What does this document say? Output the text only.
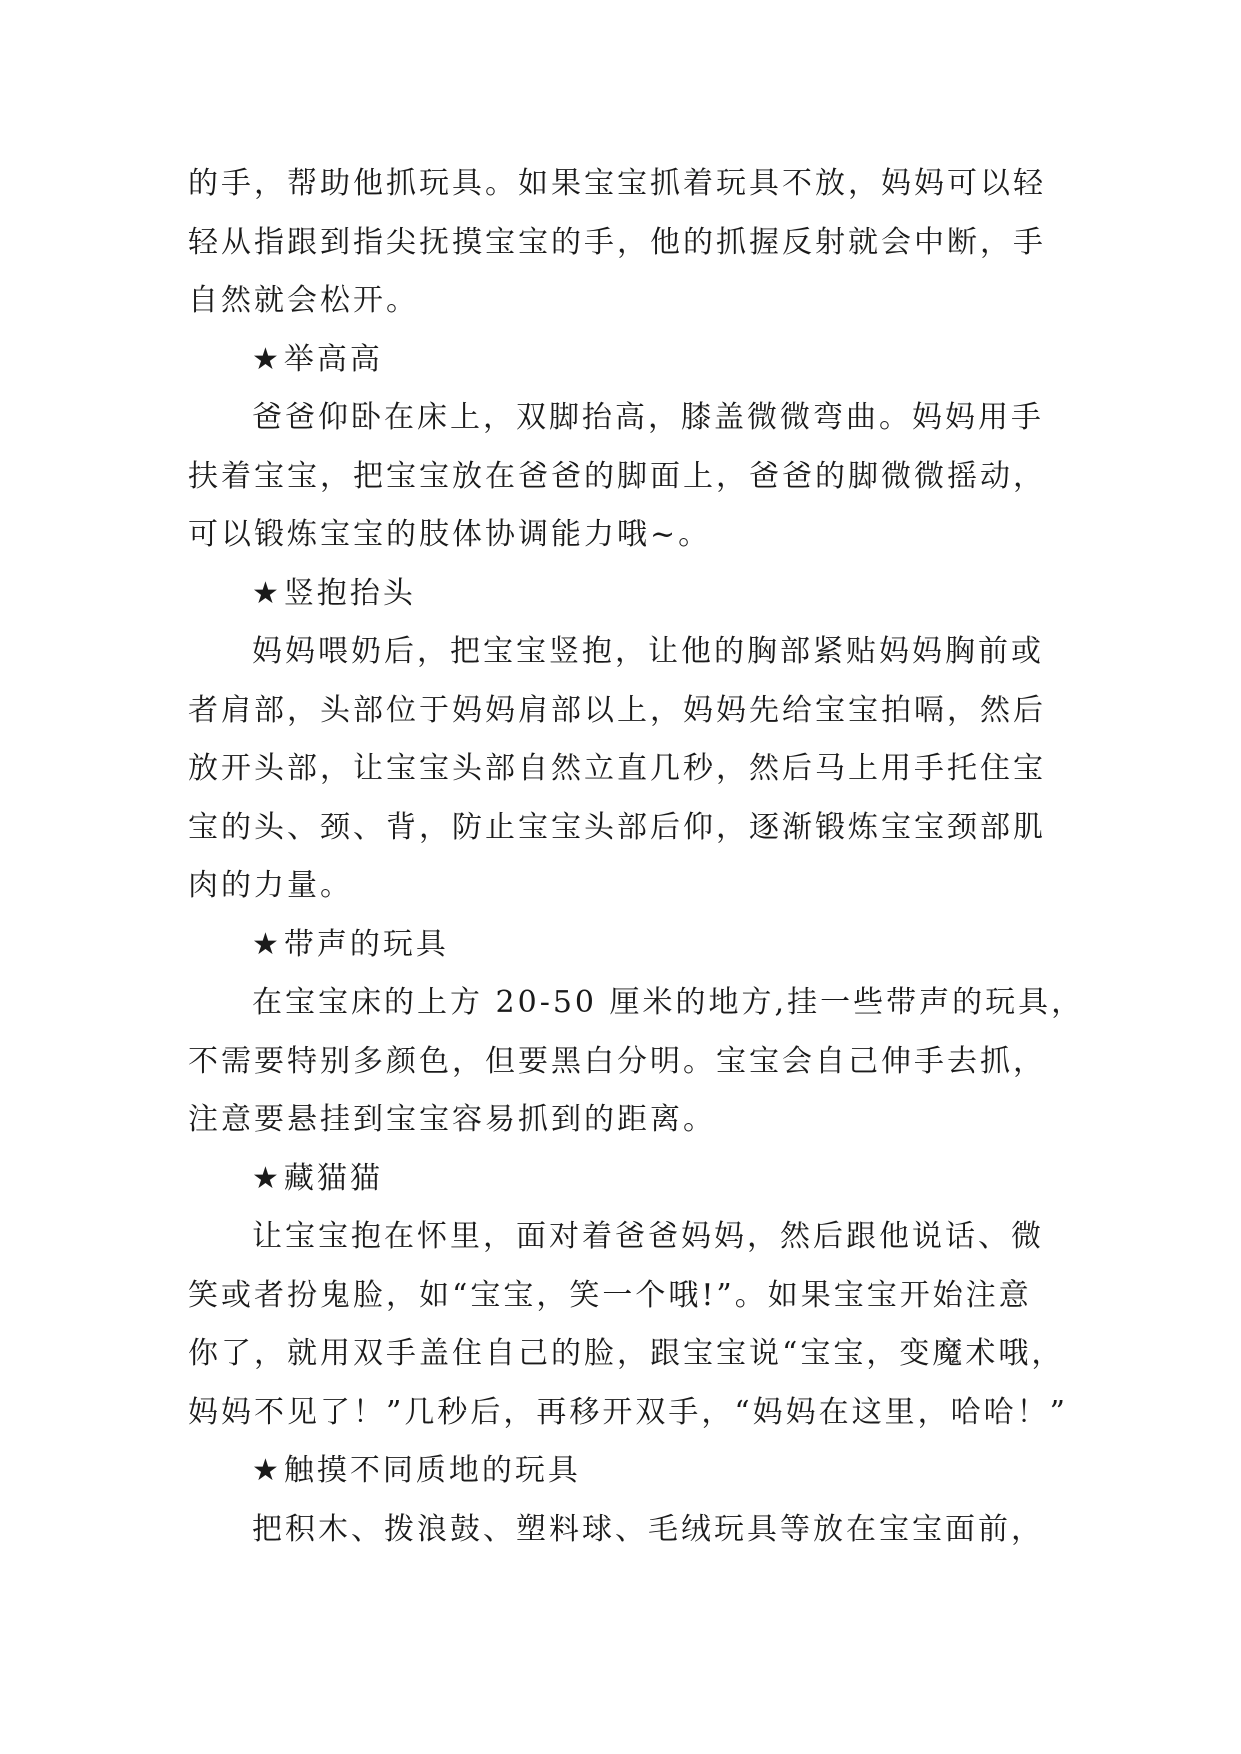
的手，帮助他抓玩具。如果宝宝抓着玩具不放，妈妈可以轻
轻从指跟到指尖抚摸宝宝的手，他的抓握反射就会中断，手
自然就会松开。
★举高高
爸爸仰卧在床上，双脚抬高，膝盖微微弯曲。妈妈用手
扶着宝宝，把宝宝放在爸爸的脚面上，爸爸的脚微微摇动，
可以锻炼宝宝的肢体协调能力哦~。
★竖抱抬头
妈妈喂奶后，把宝宝竖抱，让他的胸部紧贴妈妈胸前或
者肩部，头部位于妈妈肩部以上，妈妈先给宝宝拍嗝，然后
放开头部，让宝宝头部自然立直几秒，然后马上用手托住宝
宝的头、颈、背，防止宝宝头部后仰，逐渐锻炼宝宝颈部肌
肉的力量。
★带声的玩具
在宝宝床的上方 20-50 厘米的地方,挂一些带声的玩具，
不需要特别多颜色，但要黑白分明。宝宝会自己伸手去抓，
注意要悬挂到宝宝容易抓到的距离。
★藏猫猫
让宝宝抱在怀里，面对着爸爸妈妈，然后跟他说话、微
笑或者扮鬼脸，如“宝宝，笑一个哦!”。如果宝宝开始注意
你了，就用双手盖住自己的脸，跟宝宝说“宝宝，变魔术哦，
妈妈不见了！”几秒后，再移开双手，“妈妈在这里，哈哈！”
★触摸不同质地的玩具
把积木、拨浪鼓、塑料球、毛绒玩具等放在宝宝面前，
